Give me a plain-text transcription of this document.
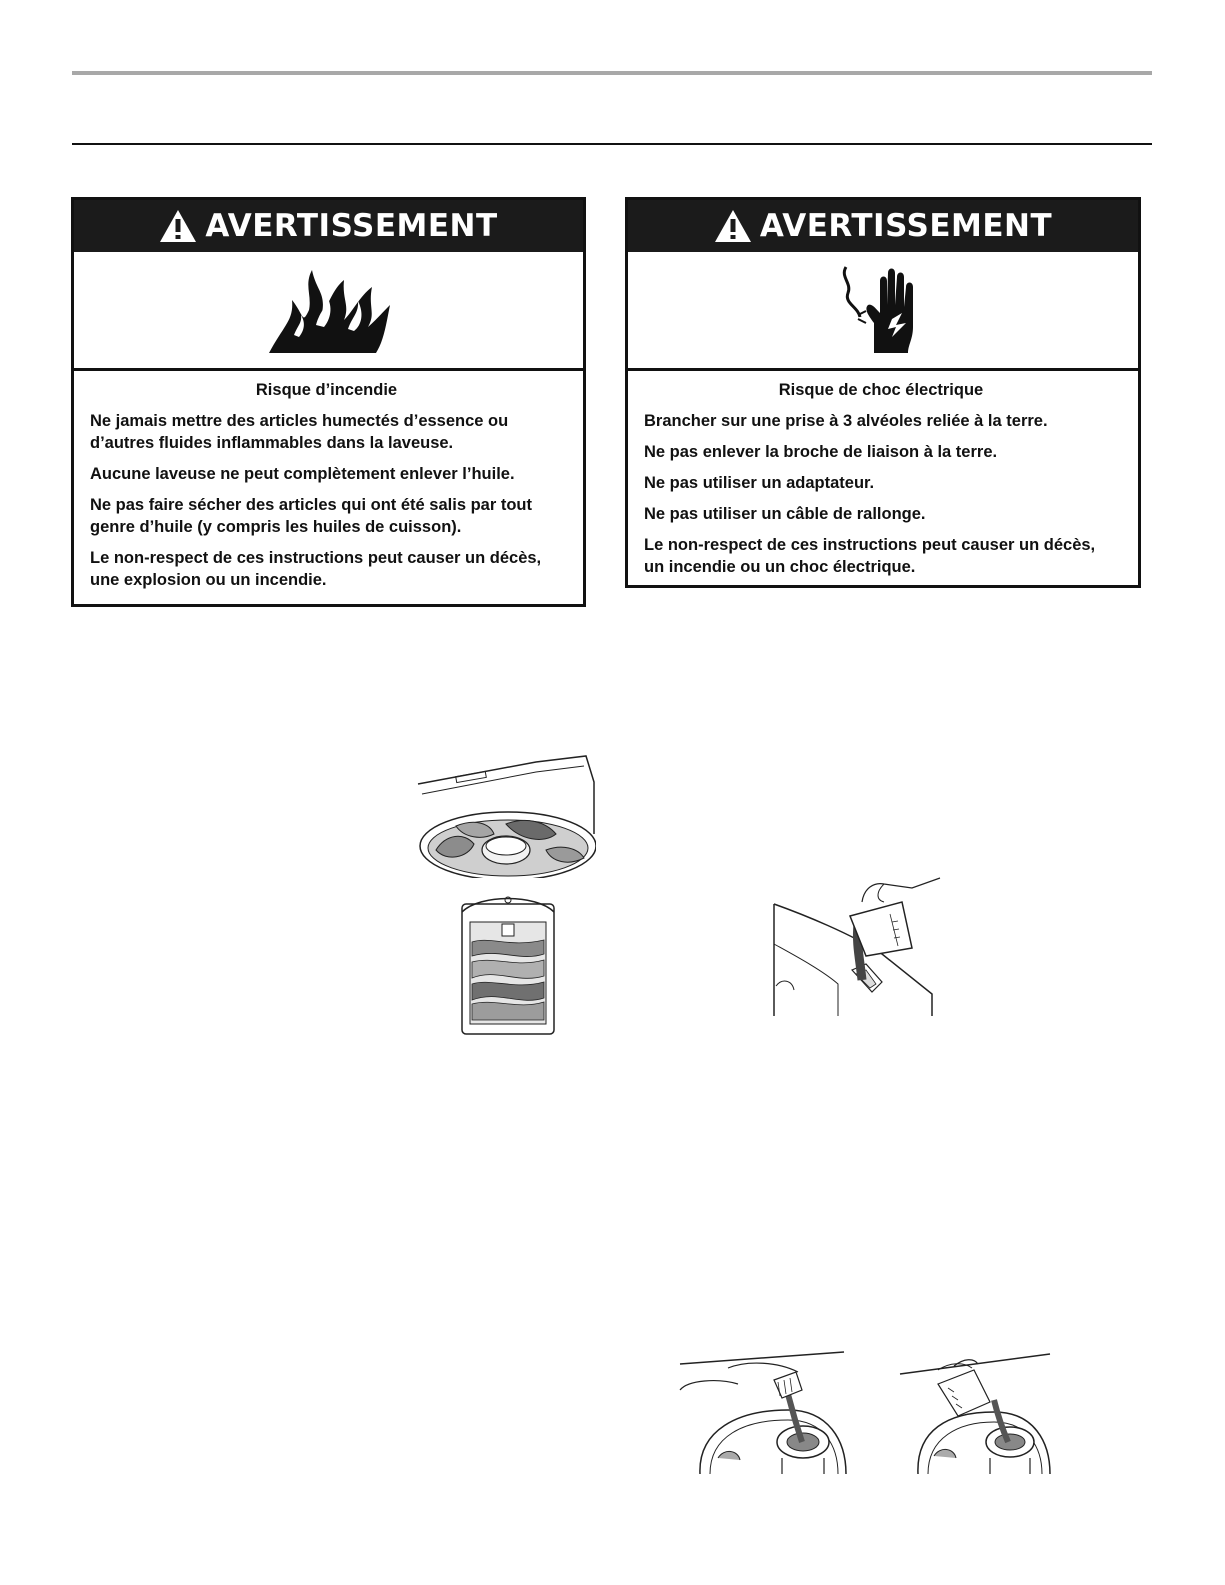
AVERTISSEMENT
Risque d’incendie

Ne jamais mettre des articles humectés d’essence ou d’autres fluides inflammables dans la laveuse.

Aucune laveuse ne peut complètement enlever l’huile.

Ne pas faire sécher des articles qui ont été salis par tout genre d’huile (y compris les huiles de cuisson).

Le non-respect de ces instructions peut causer un décès, une explosion ou un incendie.

AVERTISSEMENT
Risque de choc électrique

Brancher sur une prise à 3 alvéoles reliée à la terre.

Ne pas enlever la broche de liaison à la terre.

Ne pas utiliser un adaptateur.

Ne pas utiliser un câble de rallonge.

Le non-respect de ces instructions peut causer un décès, un incendie ou un choc électrique.
